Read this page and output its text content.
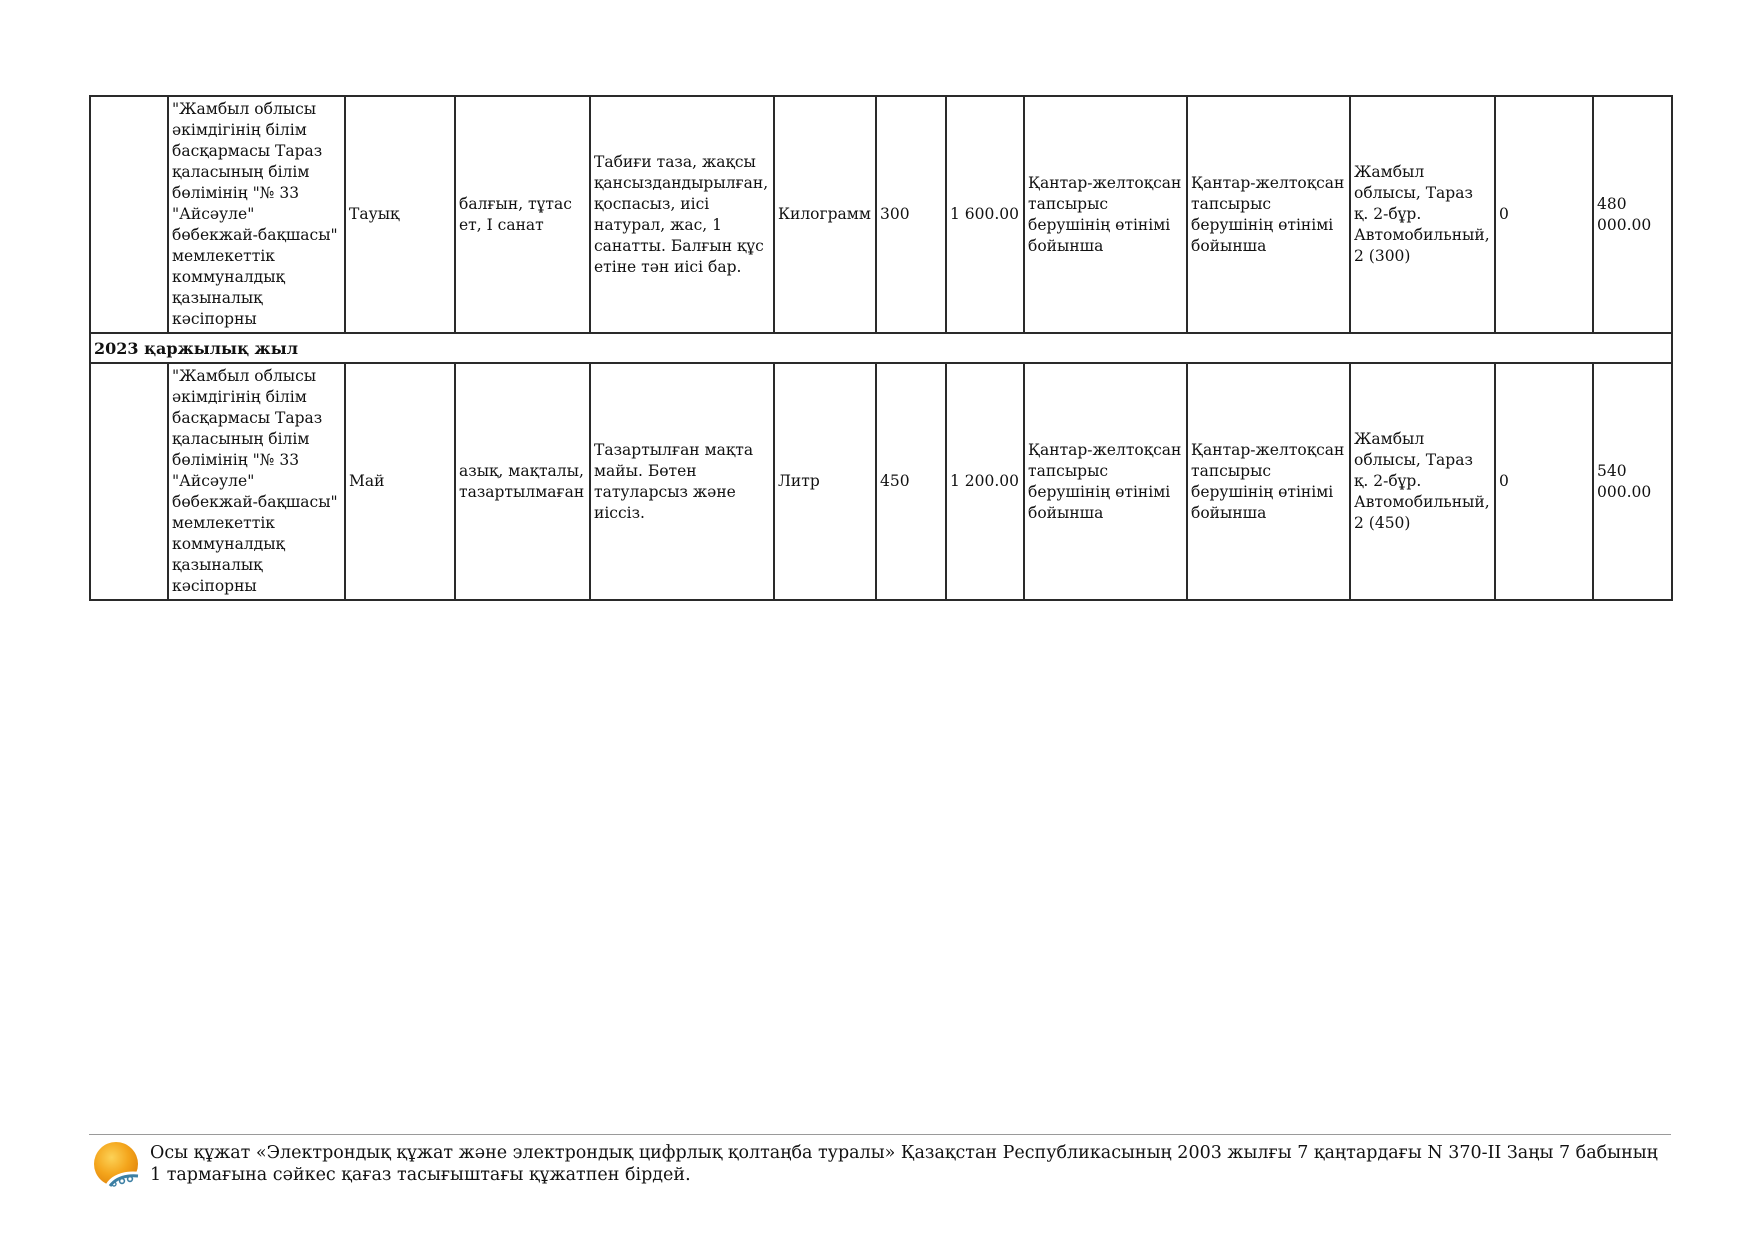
	"Жамбыл облысы әкімдігінің білім басқармасы Тараз қаласының білім бөлімінің "№ 33 "Айсәуле" бөбекжай-бақшасы" мемлекеттік коммуналдық қазыналық кәсіпорны	Тауық	балғын, тұтас ет, I санат	Табиғи таза, жақсы қансыздандырылған, қоспасыз, иісі натурал, жас, 1 санатты. Балғын құс етіне тән иісі бар.	Килограмм	300	1 600.00	Қантар-желтоқсан тапсырыс берушінің өтінімі бойынша	Қантар-желтоқсан тапсырыс берушінің өтінімі бойынша	Жамбыл облысы, Тараз қ. 2-бұр. Автомобильный, 2 (300)	0	480 000.00
2023 қаржылық жыл												
	"Жамбыл облысы әкімдігінің білім басқармасы Тараз қаласының білім бөлімінің "№ 33 "Айсәуле" бөбекжай-бақшасы" мемлекеттік коммуналдық қазыналық кәсіпорны	Май	азық, мақталы, тазартылмаған	Тазартылған мақта майы. Бөтен татуларсыз және иіссіз.	Литр	450	1 200.00	Қантар-желтоқсан тапсырыс берушінің өтінімі бойынша	Қантар-желтоқсан тапсырыс берушінің өтінімі бойынша	Жамбыл облысы, Тараз қ. 2-бұр. Автомобильный, 2 (450)	0	540 000.00
Осы құжат «Электрондық құжат және электрондық цифрлық қолтаңба туралы» Қазақстан Республикасының 2003 жылғы 7 қаңтардағы N 370-II Заңы 7 бабының 1 тармағына сәйкес қағаз тасығыштағы құжатпен бірдей.
